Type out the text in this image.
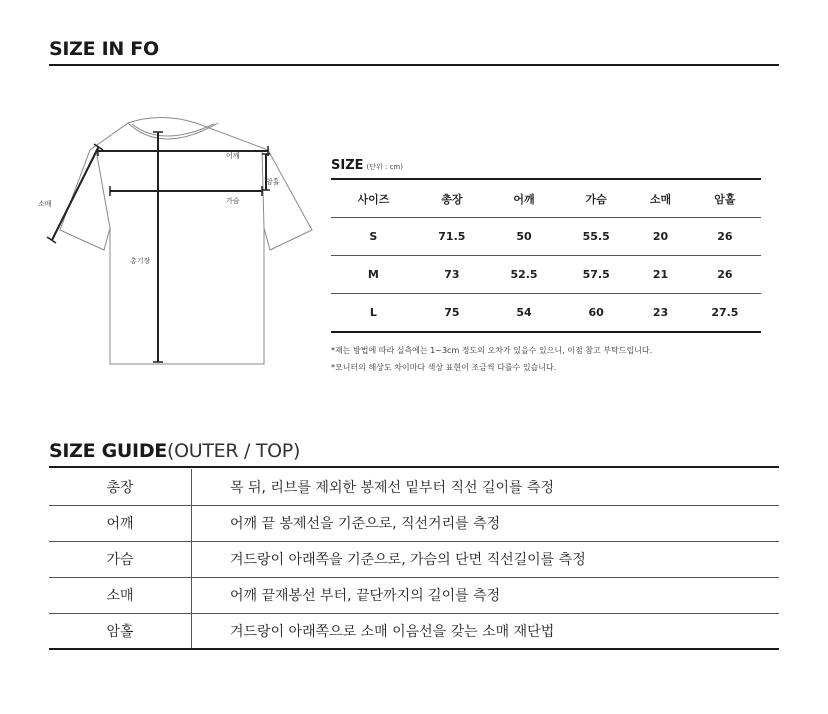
SIZE IN FO
어깨
암홀
소매	가슴
총기장
SIZE (단위 : cm)
사이즈	총장	어깨	가슴	소매	암홀
S	71.5	50	55.5	20	26
M	73	52.5	57.5	21	26
L	75	54	60	23	27.5
*재는 방법에 따라 실측에는 1~3cm 정도의 오차가 있을수 있으니, 이점 참고 부탁드립니다.
*모니터의 해상도 차이마다 색상 표현이 조금씩 다를수 있습니다.
SIZE GUIDE(OUTER / TOP)
총장	목 뒤, 리브를 제외한 봉제선 밑부터 직선 길이를 측정
어깨	어깨 끝 봉제선을 기준으로, 직선거리를 측정
가슴	겨드랑이 아래쪽을 기준으로, 가슴의 단면 직선길이를 측정
소매	어깨 끝재봉선 부터, 끝단까지의 길이를 측정
암홀	겨드랑이 아래쪽으로 소매 이음선을 갖는 소매 재단법
